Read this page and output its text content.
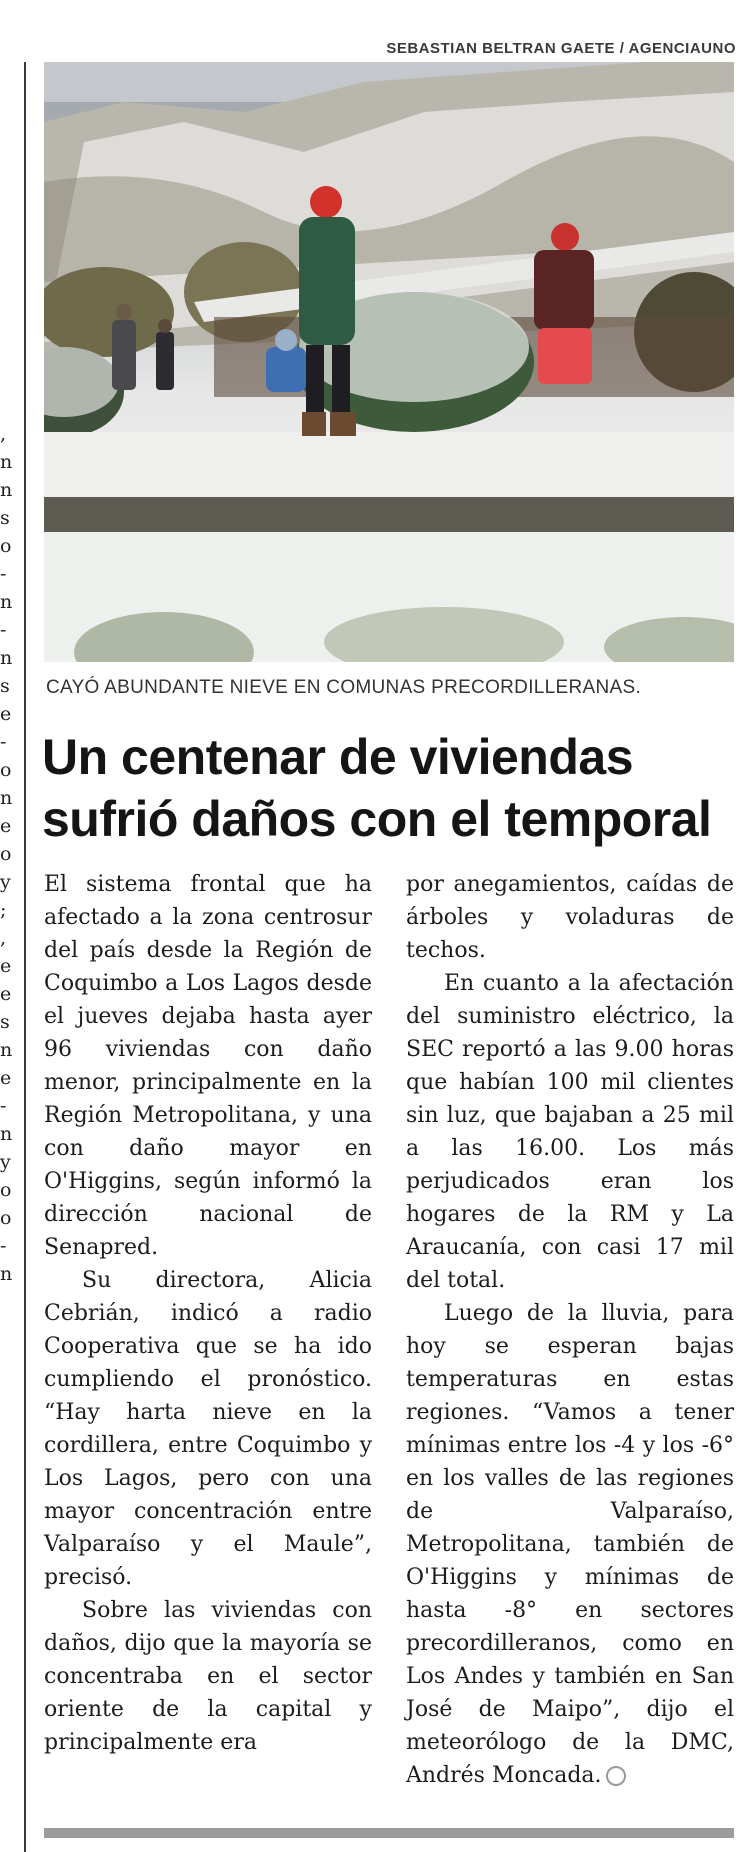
,
n
n
s
o
-
n
-
n
s
e
-
o
n
e
o
y
;
,
e
e
s
n
e
-
n
y
o
o
-
n
SEBASTIAN BELTRAN GAETE / AGENCIAUNO
CAYÓ ABUNDANTE NIEVE EN COMUNAS PRECORDILLERANAS.
Un centenar de viviendas
sufrió daños con el temporal

El sistema frontal que ha afectado a la zona centrosur del país desde la Región de Coquimbo a Los Lagos desde el jueves dejaba hasta ayer 96 viviendas con daño menor, principalmente en la Región Metropolitana, y una con daño mayor en O'Higgins, según informó la dirección nacional de Senapred.

Su directora, Alicia Cebrián, indicó a radio Cooperativa que se ha ido cumpliendo el pronóstico. “Hay harta nieve en la cordillera, entre Coquimbo y Los Lagos, pero con una mayor concentración entre Valparaíso y el Maule”, precisó.

Sobre las viviendas con daños, dijo que la mayoría se concentraba en el sector oriente de la capital y principalmente era

por anegamientos, caídas de árboles y voladuras de techos.

En cuanto a la afectación del suministro eléctrico, la SEC reportó a las 9.00 horas que habían 100 mil clientes sin luz, que bajaban a 25 mil a las 16.00. Los más perjudicados eran los hogares de la RM y La Araucanía, con casi 17 mil del total.

Luego de la lluvia, para hoy se esperan bajas temperaturas en estas regiones. “Vamos a tener mínimas entre los -4 y los -6° en los valles de las regiones de Valparaíso, Metropolitana, también de O'Higgins y mínimas de hasta -8° en sectores precordilleranos, como en Los Andes y también en San José de Maipo”, dijo el meteorólogo de la DMC, Andrés Moncada.
